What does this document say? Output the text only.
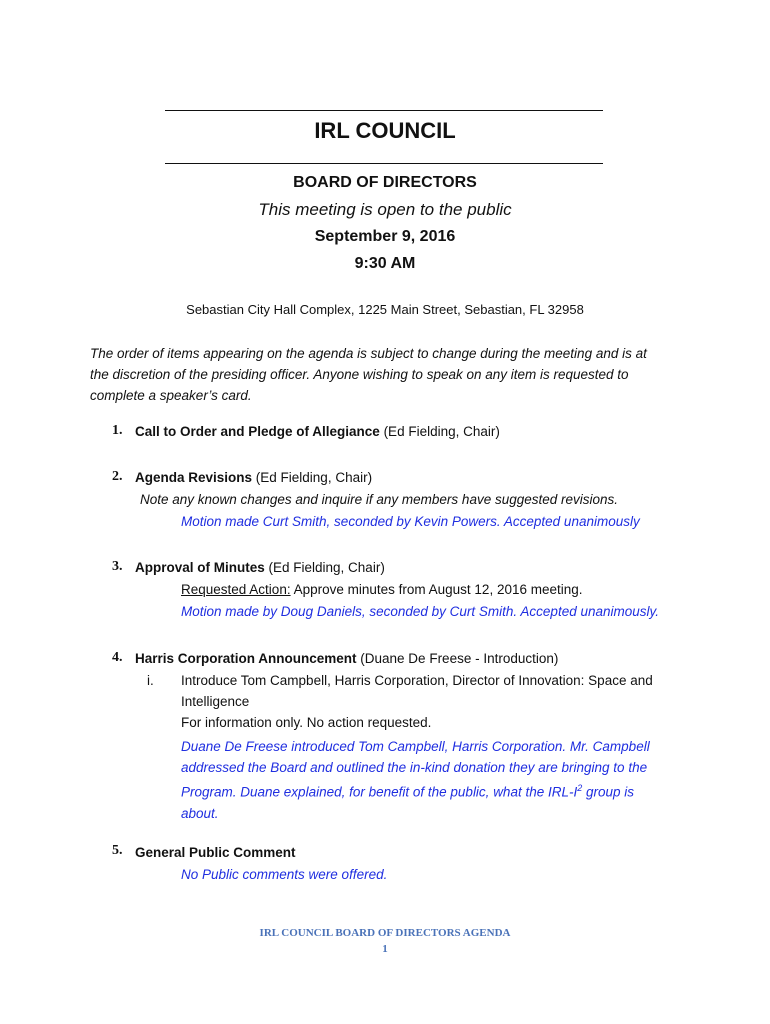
IRL COUNCIL
BOARD OF DIRECTORS
This meeting is open to the public
September 9, 2016
9:30 AM
Sebastian City Hall Complex, 1225 Main Street, Sebastian, FL 32958
The order of items appearing on the agenda is subject to change during the meeting and is at
the discretion of the presiding officer. Anyone wishing to speak on any item is requested to
complete a speaker’s card.
1. Call to Order and Pledge of Allegiance (Ed Fielding, Chair)
2. Agenda Revisions (Ed Fielding, Chair)
Note any known changes and inquire if any members have suggested revisions.
Motion made Curt Smith, seconded by Kevin Powers. Accepted unanimously
3. Approval of Minutes (Ed Fielding, Chair)
Requested Action: Approve minutes from August 12, 2016 meeting.
Motion made by Doug Daniels, seconded by Curt Smith. Accepted unanimously.
4. Harris Corporation Announcement (Duane De Freese - Introduction)
i. Introduce Tom Campbell, Harris Corporation, Director of Innovation: Space and
Intelligence
For information only. No action requested.
Duane De Freese introduced Tom Campbell, Harris Corporation. Mr. Campbell
addressed the Board and outlined the in-kind donation they are bringing to the
Program. Duane explained, for benefit of the public, what the IRL-$I^2$ group is
about.
5. General Public Comment
No Public comments were offered.
IRL COUNCIL BOARD OF DIRECTORS AGENDA
1
